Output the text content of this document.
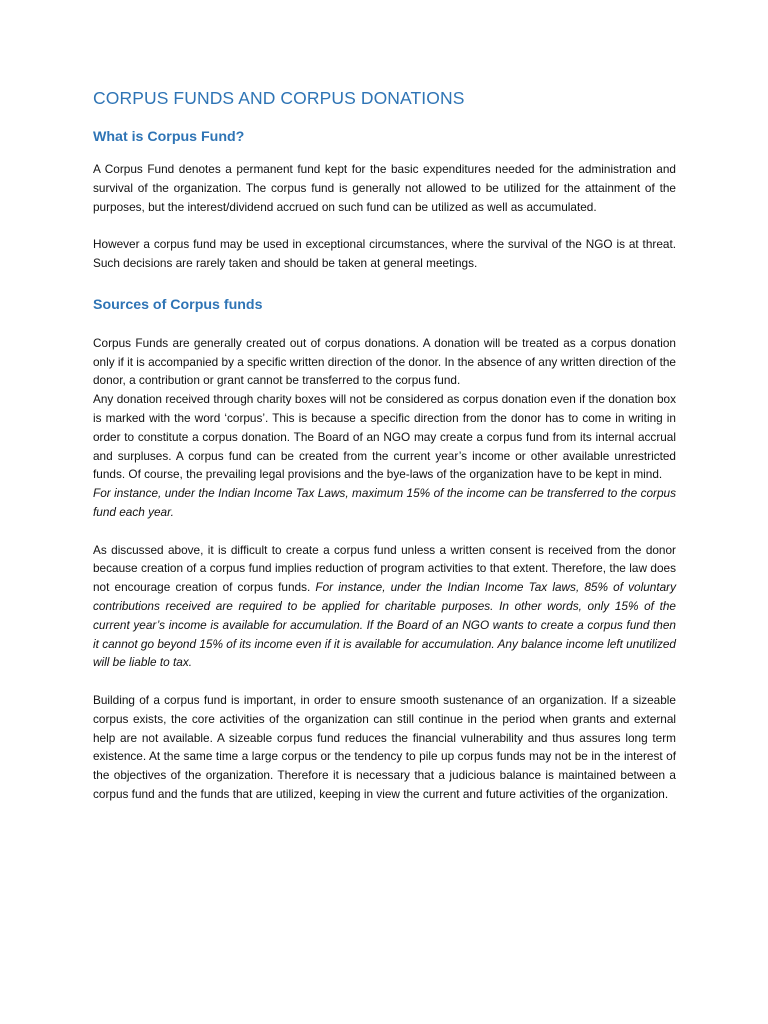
CORPUS FUNDS AND CORPUS DONATIONS
What is Corpus Fund?

A Corpus Fund denotes a permanent fund kept for the basic expenditures needed for the administration and survival of the organization. The corpus fund is generally not allowed to be utilized for the attainment of the purposes, but the interest/dividend accrued on such fund can be utilized as well as accumulated.

However a corpus fund may be used in exceptional circumstances, where the survival of the NGO is at threat. Such decisions are rarely taken and should be taken at general meetings.

Sources of Corpus funds

Corpus Funds are generally created out of corpus donations. A donation will be treated as a corpus donation only if it is accompanied by a specific written direction of the donor. In the absence of any written direction of the donor, a contribution or grant cannot be transferred to the corpus fund.

Any donation received through charity boxes will not be considered as corpus donation even if the donation box is marked with the word ‘corpus’. This is because a specific direction from the donor has to come in writing in order to constitute a corpus donation. The Board of an NGO may create a corpus fund from its internal accrual and surpluses. A corpus fund can be created from the current year’s income or other available unrestricted funds. Of course, the prevailing legal provisions and the bye-laws of the organization have to be kept in mind.

For instance, under the Indian Income Tax Laws, maximum 15% of the income can be transferred to the corpus fund each year.

As discussed above, it is difficult to create a corpus fund unless a written consent is received from the donor because creation of a corpus fund implies reduction of program activities to that extent. Therefore, the law does not encourage creation of corpus funds. For instance, under the Indian Income Tax laws, 85% of voluntary contributions received are required to be applied for charitable purposes. In other words, only 15% of the current year’s income is available for accumulation. If the Board of an NGO wants to create a corpus fund then it cannot go beyond 15% of its income even if it is available for accumulation. Any balance income left unutilized will be liable to tax.

Building of a corpus fund is important, in order to ensure smooth sustenance of an organization. If a sizeable corpus exists, the core activities of the organization can still continue in the period when grants and external help are not available. A sizeable corpus fund reduces the financial vulnerability and thus assures long term existence. At the same time a large corpus or the tendency to pile up corpus funds may not be in the interest of the objectives of the organization. Therefore it is necessary that a judicious balance is maintained between a corpus fund and the funds that are utilized, keeping in view the current and future activities of the organization.
